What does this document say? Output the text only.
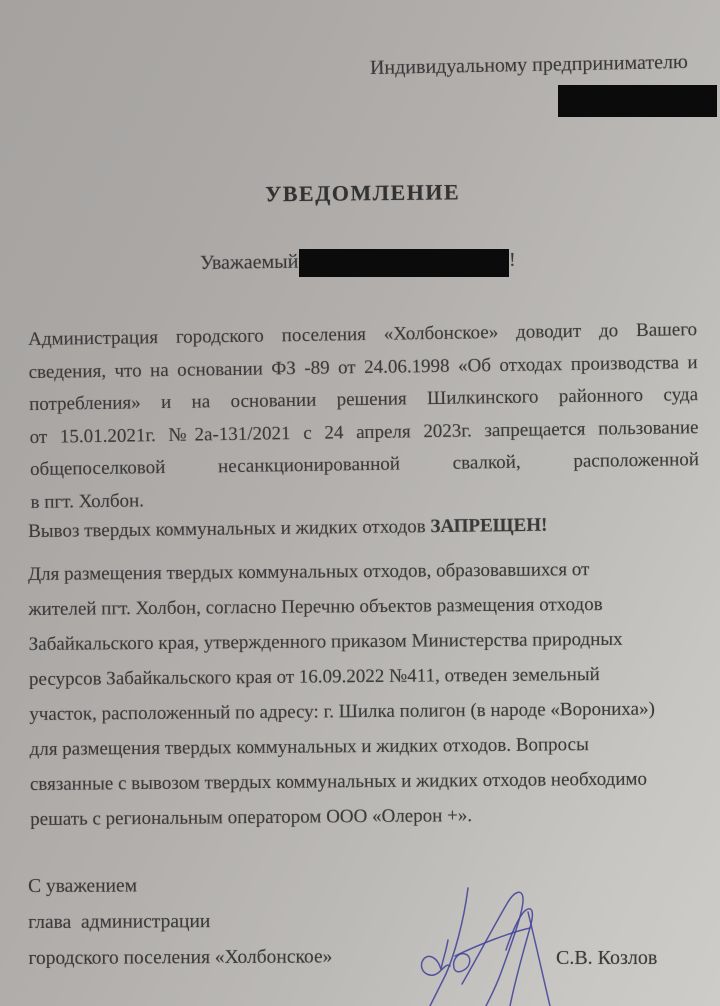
Индивидуальному предпринимателю
УВЕДОМЛЕНИЕ
Уважаемый	!
Администрация городского поселения «Холбонское» доводит до Вашего
сведения, что на основании ФЗ -89 от 24.06.1998 «Об отходах производства и
потребления» и на основании решения Шилкинского районного суда
от 15.01.2021г. №2а-131/2021 с 24 апреля 2023г. запрещается пользование
общепоселковой несанкционированной свалкой, расположенной
в пгт. Холбон.
Вывоз твердых коммунальных и жидких отходов ЗАПРЕЩЕН!
Для размещения твердых коммунальных отходов, образовавшихся от
жителей пгт. Холбон, согласно Перечню объектов размещения отходов
Забайкальского края, утвержденного приказом Министерства природных
ресурсов Забайкальского края от 16.09.2022 №411, отведен земельный
участок, расположенный по адресу: г. Шилка полигон (в народе «Ворониха»)
для размещения твердых коммунальных и жидких отходов. Вопросы
связанные с вывозом твердых коммунальных и жидких отходов необходимо
решать с региональным оператором ООО «Олерон +».
С уважением
глава  администрации
городского поселения «Холбонское»	С.В. Козлов
